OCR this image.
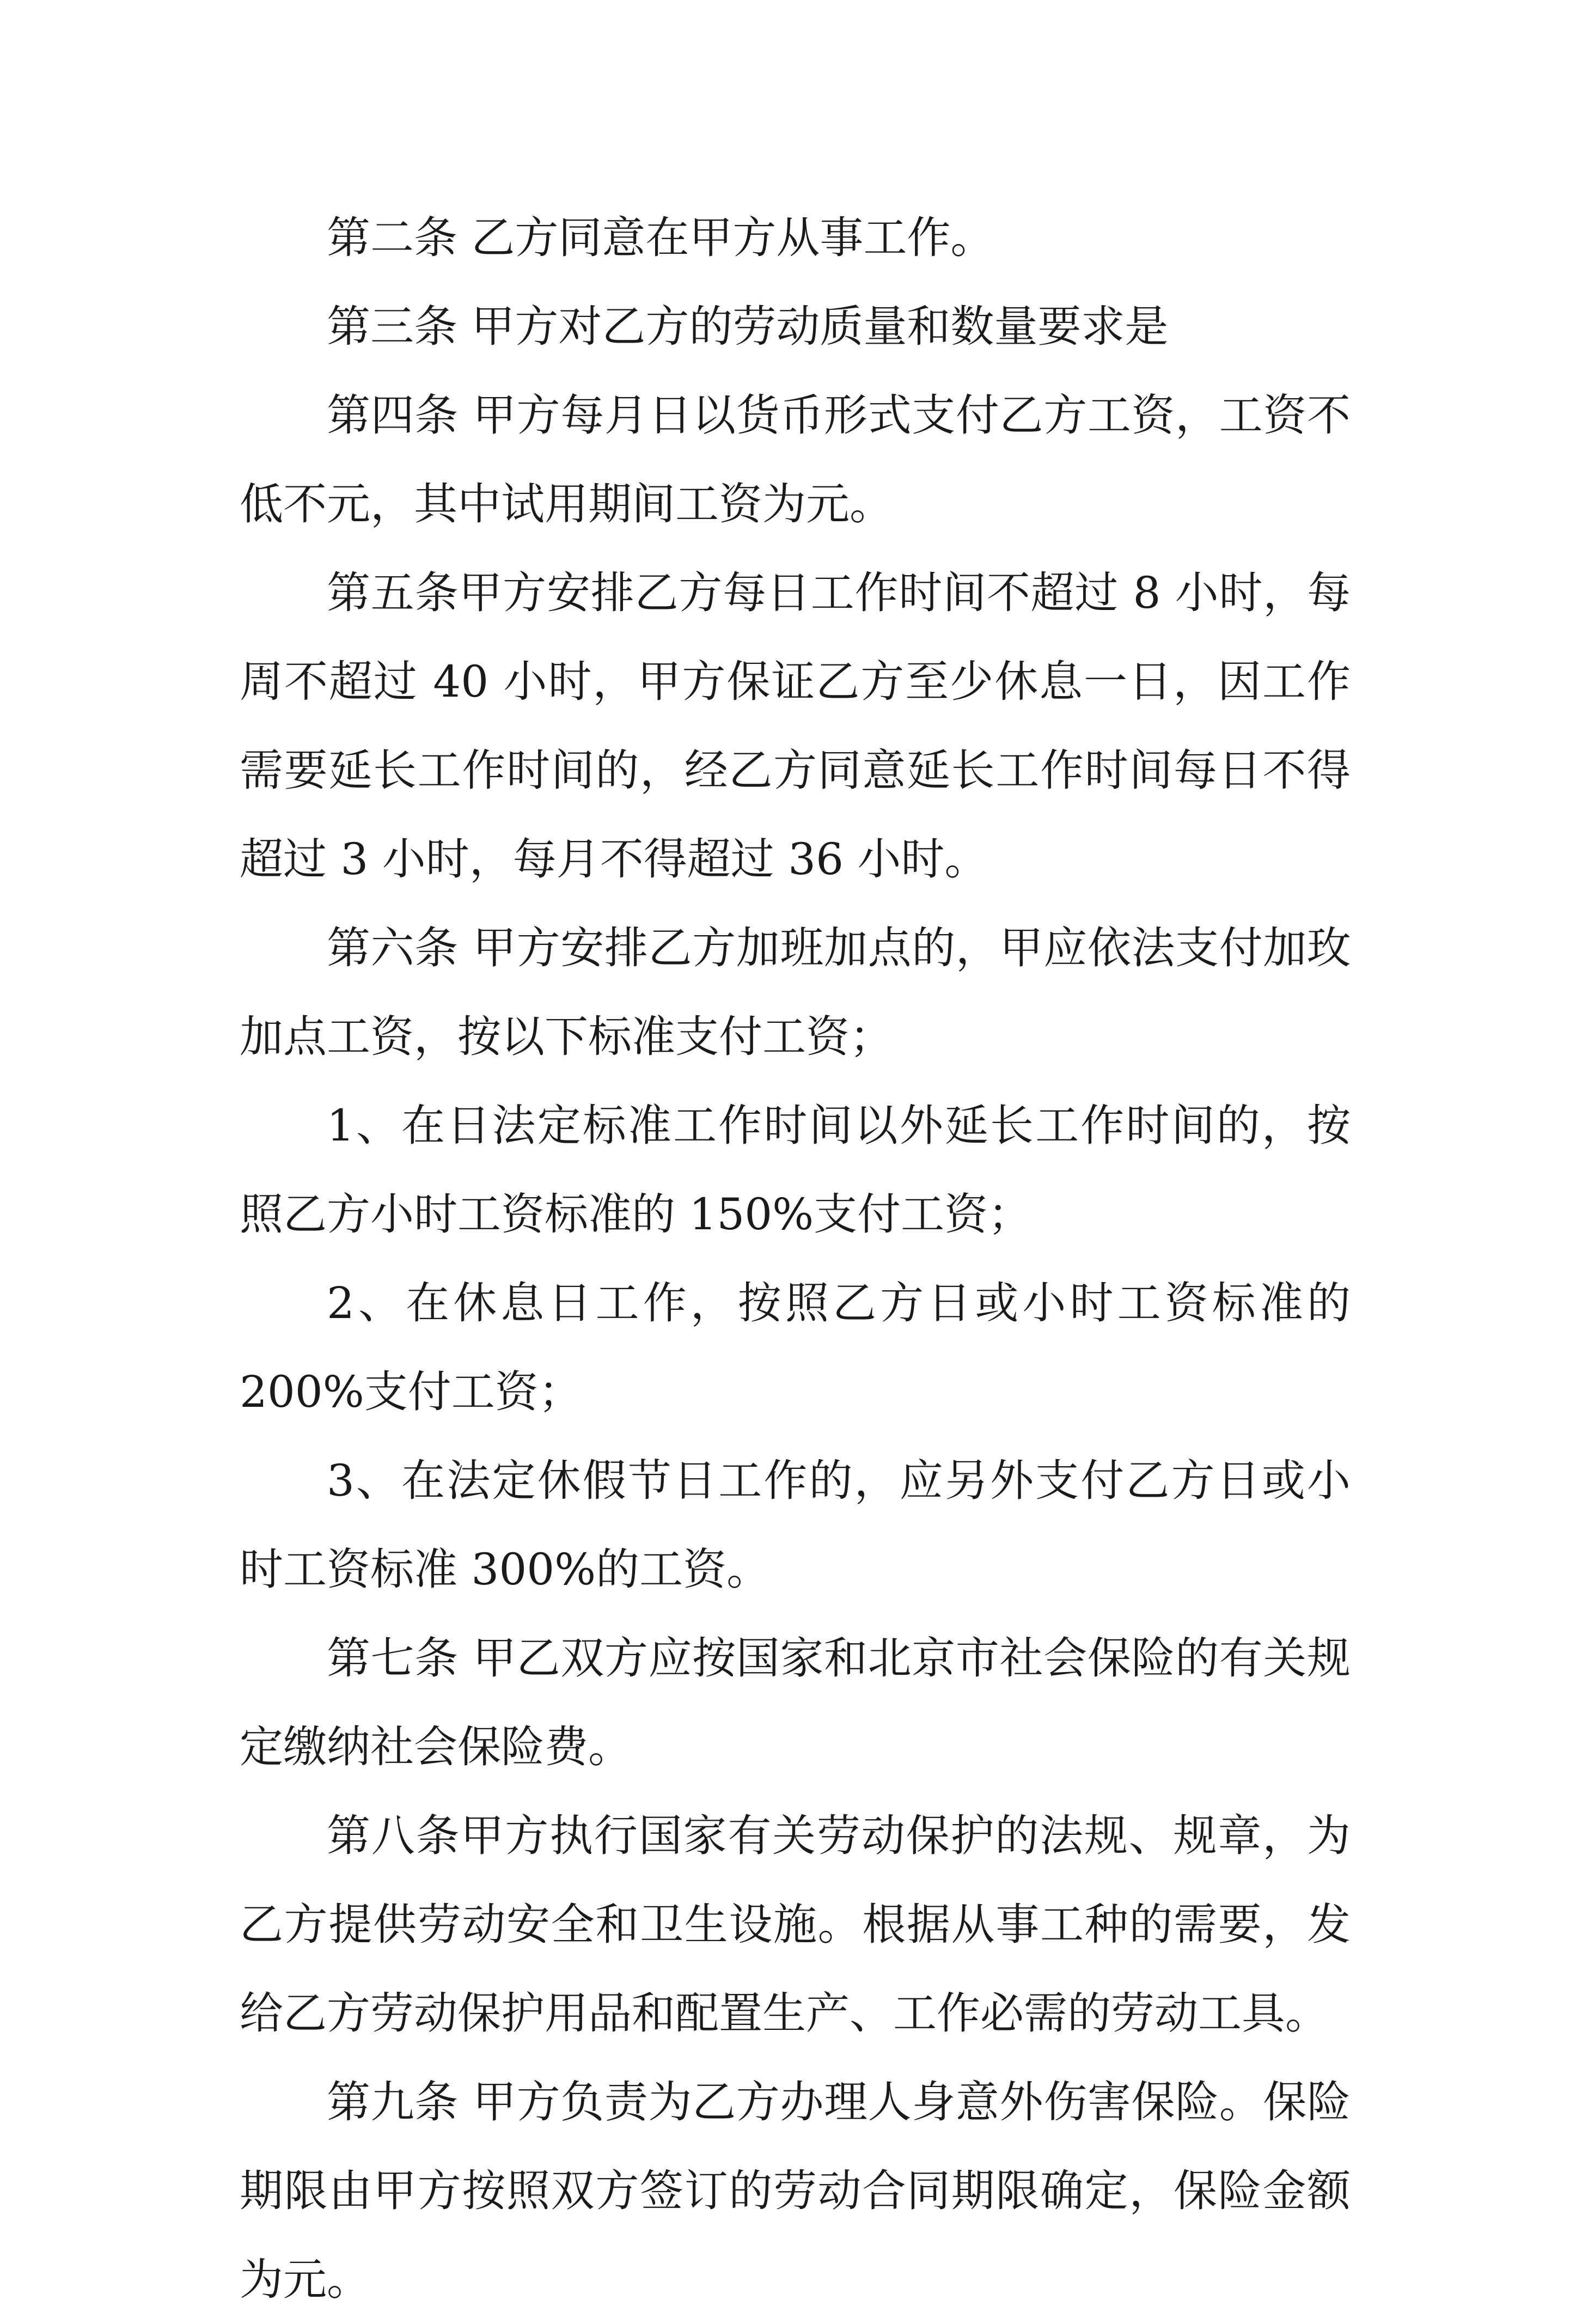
第二条 乙方同意在甲方从事工作。

第三条 甲方对乙方的劳动质量和数量要求是

第四条 甲方每月日以货币形式支付乙方工资，工资不低不元，其中试用期间工资为元。

第五条甲方安排乙方每日工作时间不超过 8 小时，每周不超过 40 小时，甲方保证乙方至少休息一日，因工作需要延长工作时间的，经乙方同意延长工作时间每日不得超过 3 小时，每月不得超过 36 小时。

第六条 甲方安排乙方加班加点的，甲应依法支付加玫加点工资，按以下标准支付工资；

1、在日法定标准工作时间以外延长工作时间的，按照乙方小时工资标准的 150%支付工资；

2、在休息日工作，按照乙方日或小时工资标准的 200%支付工资；

3、在法定休假节日工作的，应另外支付乙方日或小时工资标准 300%的工资。

第七条 甲乙双方应按国家和北京市社会保险的有关规定缴纳社会保险费。

第八条甲方执行国家有关劳动保护的法规、规章，为乙方提供劳动安全和卫生设施。根据从事工种的需要，发给乙方劳动保护用品和配置生产、工作必需的劳动工具。

第九条 甲方负责为乙方办理人身意外伤害保险。保险期限由甲方按照双方签订的劳动合同期限确定，保险金额为元。
